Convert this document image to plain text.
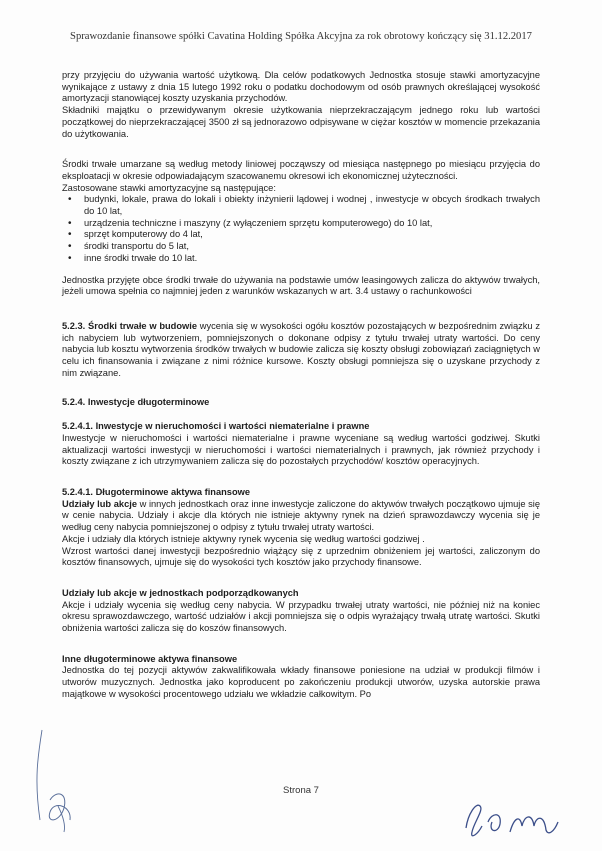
Sprawozdanie finansowe spółki Cavatina Holding Spółka Akcyjna za rok obrotowy kończący się 31.12.2017

przy przyjęciu do używania wartość użytkową. Dla celów podatkowych Jednostka stosuje stawki amortyzacyjne wynikające z ustawy z dnia 15 lutego 1992 roku o podatku dochodowym od osób prawnych określającej wysokość amortyzacji stanowiącej koszty uzyskania przychodów.

Składniki majątku o przewidywanym okresie użytkowania nieprzekraczającym jednego roku lub wartości początkowej do nieprzekraczającej 3500 zł są jednorazowo odpisywane w ciężar kosztów w momencie przekazania do użytkowania.

Środki trwałe umarzane są według metody liniowej począwszy od miesiąca następnego po miesiącu przyjęcia do eksploatacji w okresie odpowiadającym szacowanemu okresowi ich ekonomicznej użyteczności.

Zastosowane stawki amortyzacyjne są następujące:

• budynki, lokale, prawa do lokali i obiekty inżynierii lądowej i wodnej , inwestycje w obcych środkach trwałych do 10 lat,
• urządzenia techniczne i maszyny (z wyłączeniem sprzętu komputerowego) do 10 lat,
• sprzęt komputerowy do 4 lat,
• środki transportu do 5 lat,
• inne środki trwałe do 10 lat.

Jednostka przyjęte obce środki trwałe do używania na podstawie umów leasingowych zalicza do aktywów trwałych, jeżeli umowa spełnia co najmniej jeden z warunków wskazanych w art. 3.4 ustawy o rachunkowości

5.2.3. Środki trwałe w budowie wycenia się w wysokości ogółu kosztów pozostających w bezpośrednim związku z ich nabyciem lub wytworzeniem, pomniejszonych o dokonane odpisy z tytułu trwałej utraty wartości. Do ceny nabycia lub kosztu wytworzenia środków trwałych w budowie zalicza się koszty obsługi zobowiązań zaciągniętych w celu ich finansowania i związane z nimi różnice kursowe. Koszty obsługi pomniejsza się o uzyskane przychody z nim związane.

5.2.4. Inwestycje długoterminowe
5.2.4.1. Inwestycje w nieruchomości i wartości niematerialne i prawne

Inwestycje w nieruchomości i wartości niematerialne i prawne wyceniane są według wartości godziwej. Skutki aktualizacji wartości inwestycji w nieruchomości i wartości niematerialnych i prawnych, jak również przychody i koszty związane z ich utrzymywaniem zalicza się do pozostałych przychodów/ kosztów operacyjnych.

5.2.4.1. Długoterminowe aktywa finansowe

Udziały lub akcje w innych jednostkach oraz inne inwestycje zaliczone do aktywów trwałych początkowo ujmuje się w cenie nabycia. Udziały i akcje dla których nie istnieje aktywny rynek na dzień sprawozdawczy wycenia się je według ceny nabycia pomniejszonej o odpisy z tytułu trwałej utraty wartości.

Akcje i udziały dla których istnieje aktywny rynek wycenia się według wartości godziwej .

Wzrost wartości danej inwestycji bezpośrednio wiążący się z uprzednim obniżeniem jej wartości, zaliczonym do kosztów finansowych, ujmuje się do wysokości tych kosztów jako przychody finansowe.

Udziały lub akcje w jednostkach podporządkowanych

Akcje i udziały wycenia się według ceny nabycia. W przypadku trwałej utraty wartości, nie później niż na koniec okresu sprawozdawczego, wartość udziałów i akcji pomniejsza się o odpis wyrażający trwałą utratę wartości. Skutki obniżenia wartości zalicza się do koszów finansowych.

Inne długoterminowe aktywa finansowe

Jednostka do tej pozycji aktywów zakwalifikowała wkłady finansowe poniesione na udział w produkcji filmów i utworów muzycznych. Jednostka jako koproducent po zakończeniu produkcji utworów, uzyska autorskie prawa majątkowe w wysokości procentowego udziału we wkładzie całkowitym. Po

Strona 7
